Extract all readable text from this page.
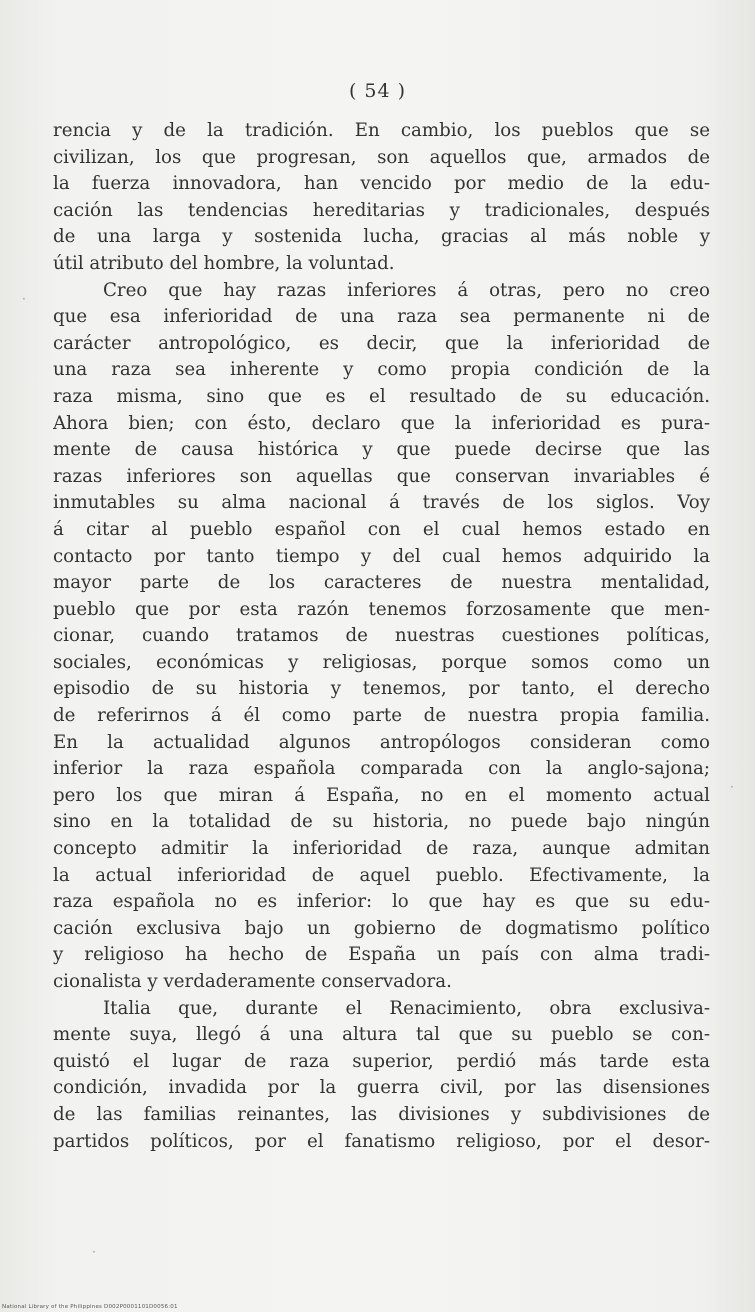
( 54 )
rencia y de la tradición. En cambio, los pueblos que se
civilizan, los que progresan, son aquellos que, armados de
la fuerza innovadora, han vencido por medio de la edu-
cación las tendencias hereditarias y tradicionales, después
de una larga y sostenida lucha, gracias al más noble y
útil atributo del hombre, la voluntad.
Creo que hay razas inferiores á otras, pero no creo
que esa inferioridad de una raza sea permanente ni de
carácter antropológico, es decir, que la inferioridad de
una raza sea inherente y como propia condición de la
raza misma, sino que es el resultado de su educación.
Ahora bien; con ésto, declaro que la inferioridad es pura-
mente de causa histórica y que puede decirse que las
razas inferiores son aquellas que conservan invariables é
inmutables su alma nacional á través de los siglos. Voy
á citar al pueblo español con el cual hemos estado en
contacto por tanto tiempo y del cual hemos adquirido la
mayor parte de los caracteres de nuestra mentalidad,
pueblo que por esta razón tenemos forzosamente que men-
cionar, cuando tratamos de nuestras cuestiones políticas,
sociales, económicas y religiosas, porque somos como un
episodio de su historia y tenemos, por tanto, el derecho
de referirnos á él como parte de nuestra propia familia.
En la actualidad algunos antropólogos consideran como
inferior la raza española comparada con la anglo-sajona;
pero los que miran á España, no en el momento actual
sino en la totalidad de su historia, no puede bajo ningún
concepto admitir la inferioridad de raza, aunque admitan
la actual inferioridad de aquel pueblo. Efectivamente, la
raza española no es inferior: lo que hay es que su edu-
cación exclusiva bajo un gobierno de dogmatismo político
y religioso ha hecho de España un país con alma tradi-
cionalista y verdaderamente conservadora.
Italia que, durante el Renacimiento, obra exclusiva-
mente suya, llegó á una altura tal que su pueblo se con-
quistó el lugar de raza superior, perdió más tarde esta
condición, invadida por la guerra civil, por las disensiones
de las familias reinantes, las divisiones y subdivisiones de
partidos políticos, por el fanatismo religioso, por el desor-
·
·
·
National Library of the Philippines D002P0001101D0056:01
